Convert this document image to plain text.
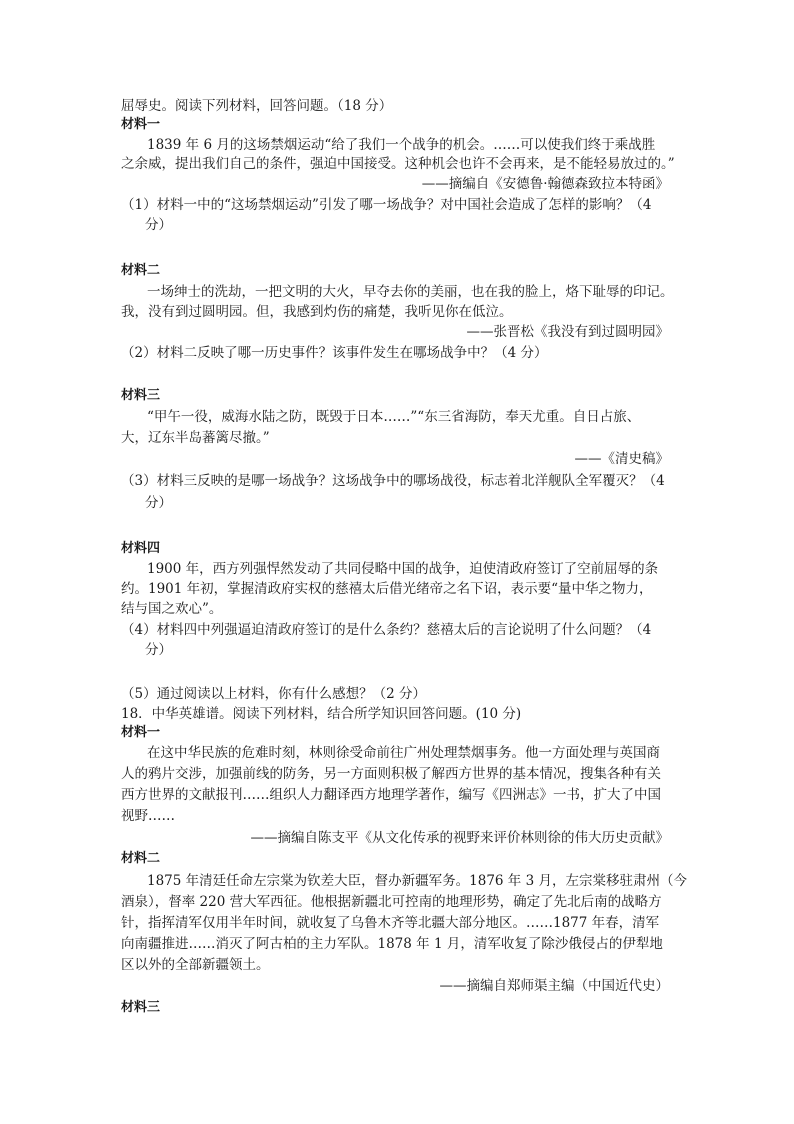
屈辱史。阅读下列材料，回答问题。（18 分）
材料一
1839 年 6 月的这场禁烟运动“给了我们一个战争的机会。……可以使我们终于乘战胜
之余威，提出我们自己的条件，强迫中国接受。这种机会也许不会再来，是不能轻易放过的。”
——摘编自《安德鲁·翰德森致拉本特函》
（1）材料一中的“这场禁烟运动”引发了哪一场战争？对中国社会造成了怎样的影响？（4
分）
材料二
一场绅士的洗劫，一把文明的大火，早夺去你的美丽，也在我的脸上，烙下耻辱的印记。
我，没有到过圆明园。但，我感到灼伤的痛楚，我听见你在低泣。
——张晋松《我没有到过圆明园》
（2）材料二反映了哪一历史事件？该事件发生在哪场战争中？（4 分）
材料三
“甲午一役，威海水陆之防，既毁于日本……”“东三省海防，奉天尤重。自日占旅、
大，辽东半岛蕃篱尽撤。”
——《清史稿》
（3）材料三反映的是哪一场战争？这场战争中的哪场战役，标志着北洋舰队全军覆灭？（4
分）
材料四
1900 年，西方列强悍然发动了共同侵略中国的战争，迫使清政府签订了空前屈辱的条
约。1901 年初，掌握清政府实权的慈禧太后借光绪帝之名下诏，表示要“量中华之物力，
结与国之欢心”。
（4）材料四中列强逼迫清政府签订的是什么条约？慈禧太后的言论说明了什么问题？（4
分）
（5）通过阅读以上材料，你有什么感想？（2 分）
18．中华英雄谱。阅读下列材料，结合所学知识回答问题。(10 分)
材料一
在这中华民族的危难时刻，林则徐受命前往广州处理禁烟事务。他一方面处理与英国商
人的鸦片交涉，加强前线的防务，另一方面则积极了解西方世界的基本情况，搜集各种有关
西方世界的文献报刊……组织人力翻译西方地理学著作，编写《四洲志》一书，扩大了中国
视野……
——摘编自陈支平《从文化传承的视野来评价林则徐的伟大历史贡献》
材料二
1875 年清廷任命左宗棠为钦差大臣，督办新疆军务。1876 年 3 月，左宗棠移驻肃州（今
酒泉），督率 220 营大军西征。他根据新疆北可控南的地理形势，确定了先北后南的战略方
针，指挥清军仅用半年时间，就收复了乌鲁木齐等北疆大部分地区。……1877 年春，清军
向南疆推进……消灭了阿古柏的主力军队。1878 年 1 月，清军收复了除沙俄侵占的伊犁地
区以外的全部新疆领土。
——摘编自郑师渠主编（中国近代史）
材料三
